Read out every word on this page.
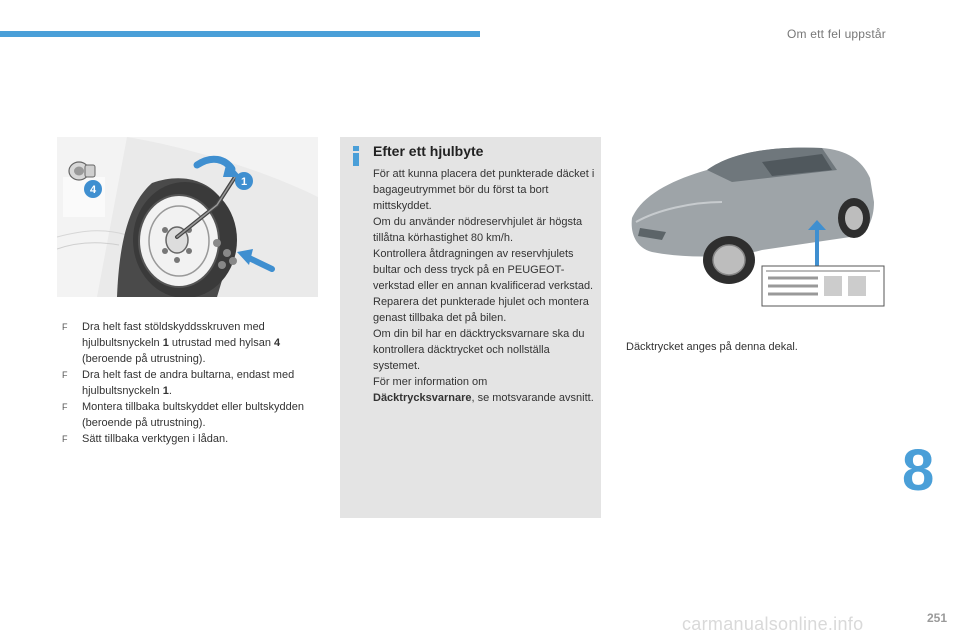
Om ett fel uppstår
4
1
F Dra helt fast stöldskyddsskruven med hjulbultsnyckeln 1 utrustad med hylsan 4 (beroende på utrustning).
F Dra helt fast de andra bultarna, endast med hjulbultsnyckeln 1.
F Montera tillbaka bultskyddet eller bultskydden (beroende på utrustning).
F Sätt tillbaka verktygen i lådan.
Efter ett hjulbyte

För att kunna placera det punkterade däcket i bagageutrymmet bör du först ta bort mittskyddet.

Om du använder nödreservhjulet är högsta tillåtna körhastighet 80 km/h.

Kontrollera åtdragningen av reservhjulets bultar och dess tryck på en PEUGEOT-verkstad eller en annan kvalificerad verkstad.

Reparera det punkterade hjulet och montera genast tillbaka det på bilen.

Om din bil har en däcktrycksvarnare ska du kontrollera däcktrycket och nollställa systemet.

För mer information om
Däcktrycksvarnare, se motsvarande avsnitt.

Däcktrycket anges på denna dekal.
8
251
carmanualsonline.info
